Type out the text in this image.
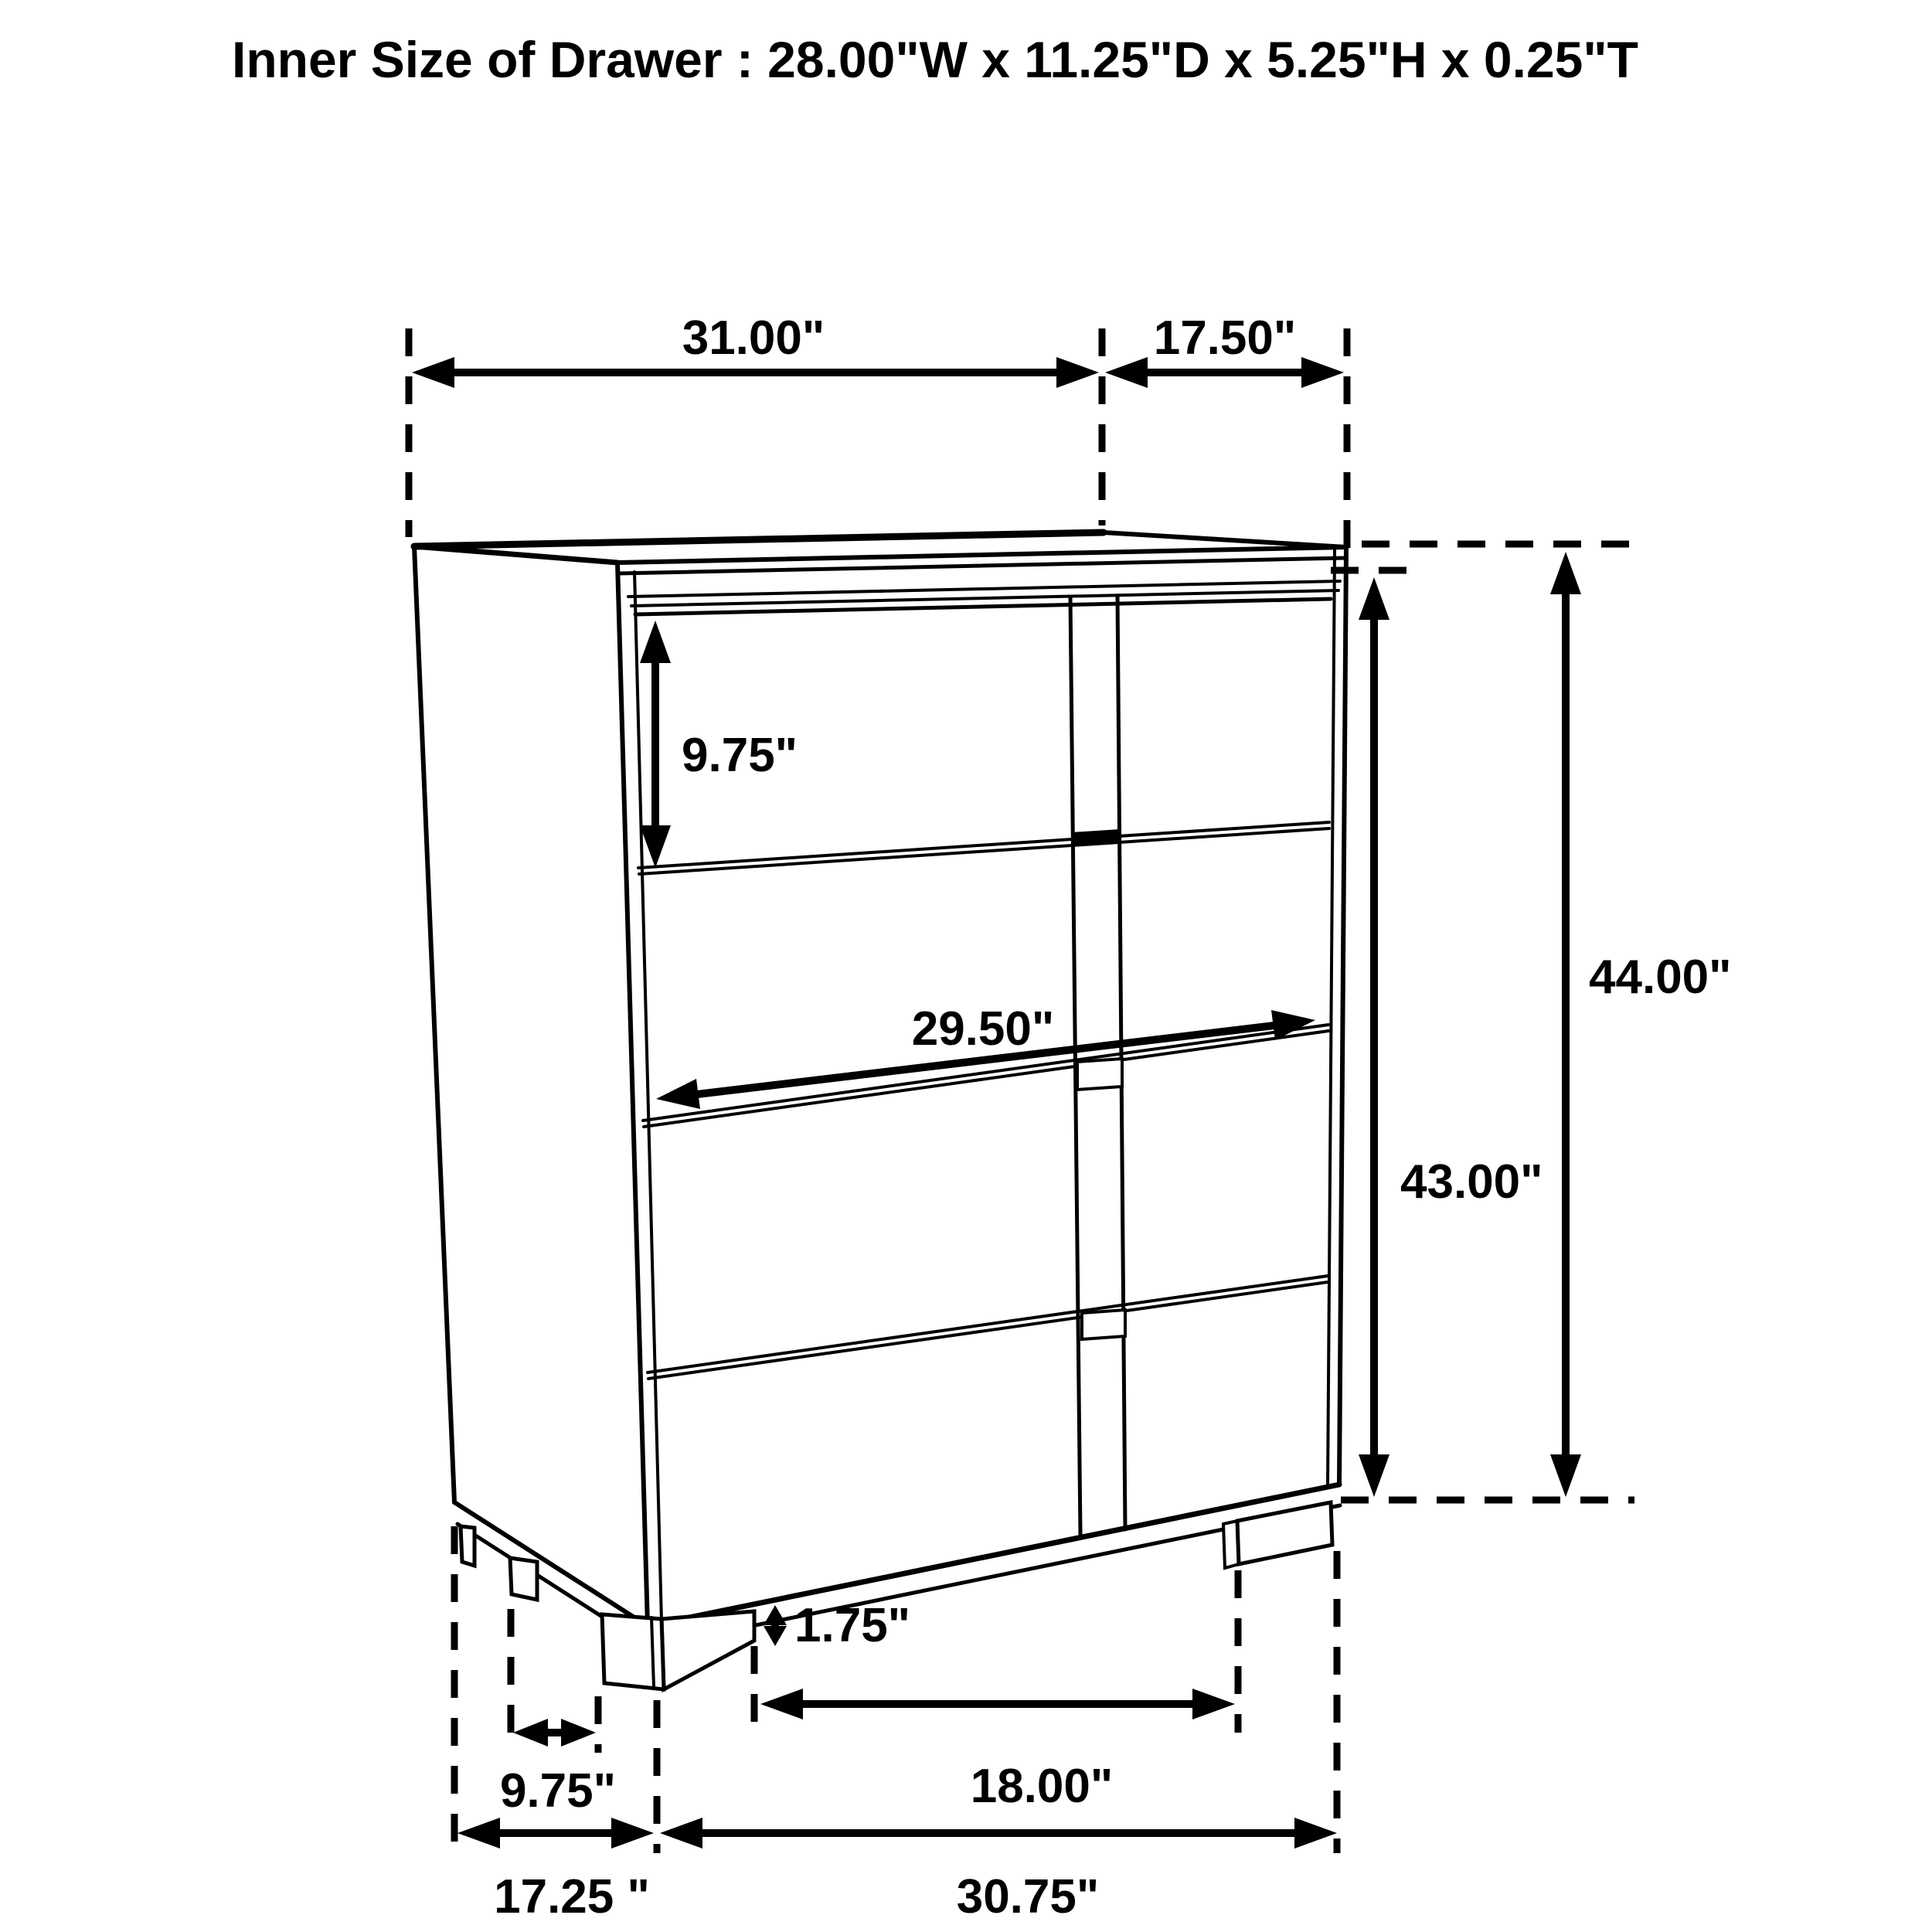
Inner Size of Drawer : 28.00"W x 11.25"D x 5.25"H x 0.25"T
31.00"	17.50"
9.75"
29.50"
44.00"
43.00"
1.75"
9.75"	18.00"
17.25 "	30.75"
